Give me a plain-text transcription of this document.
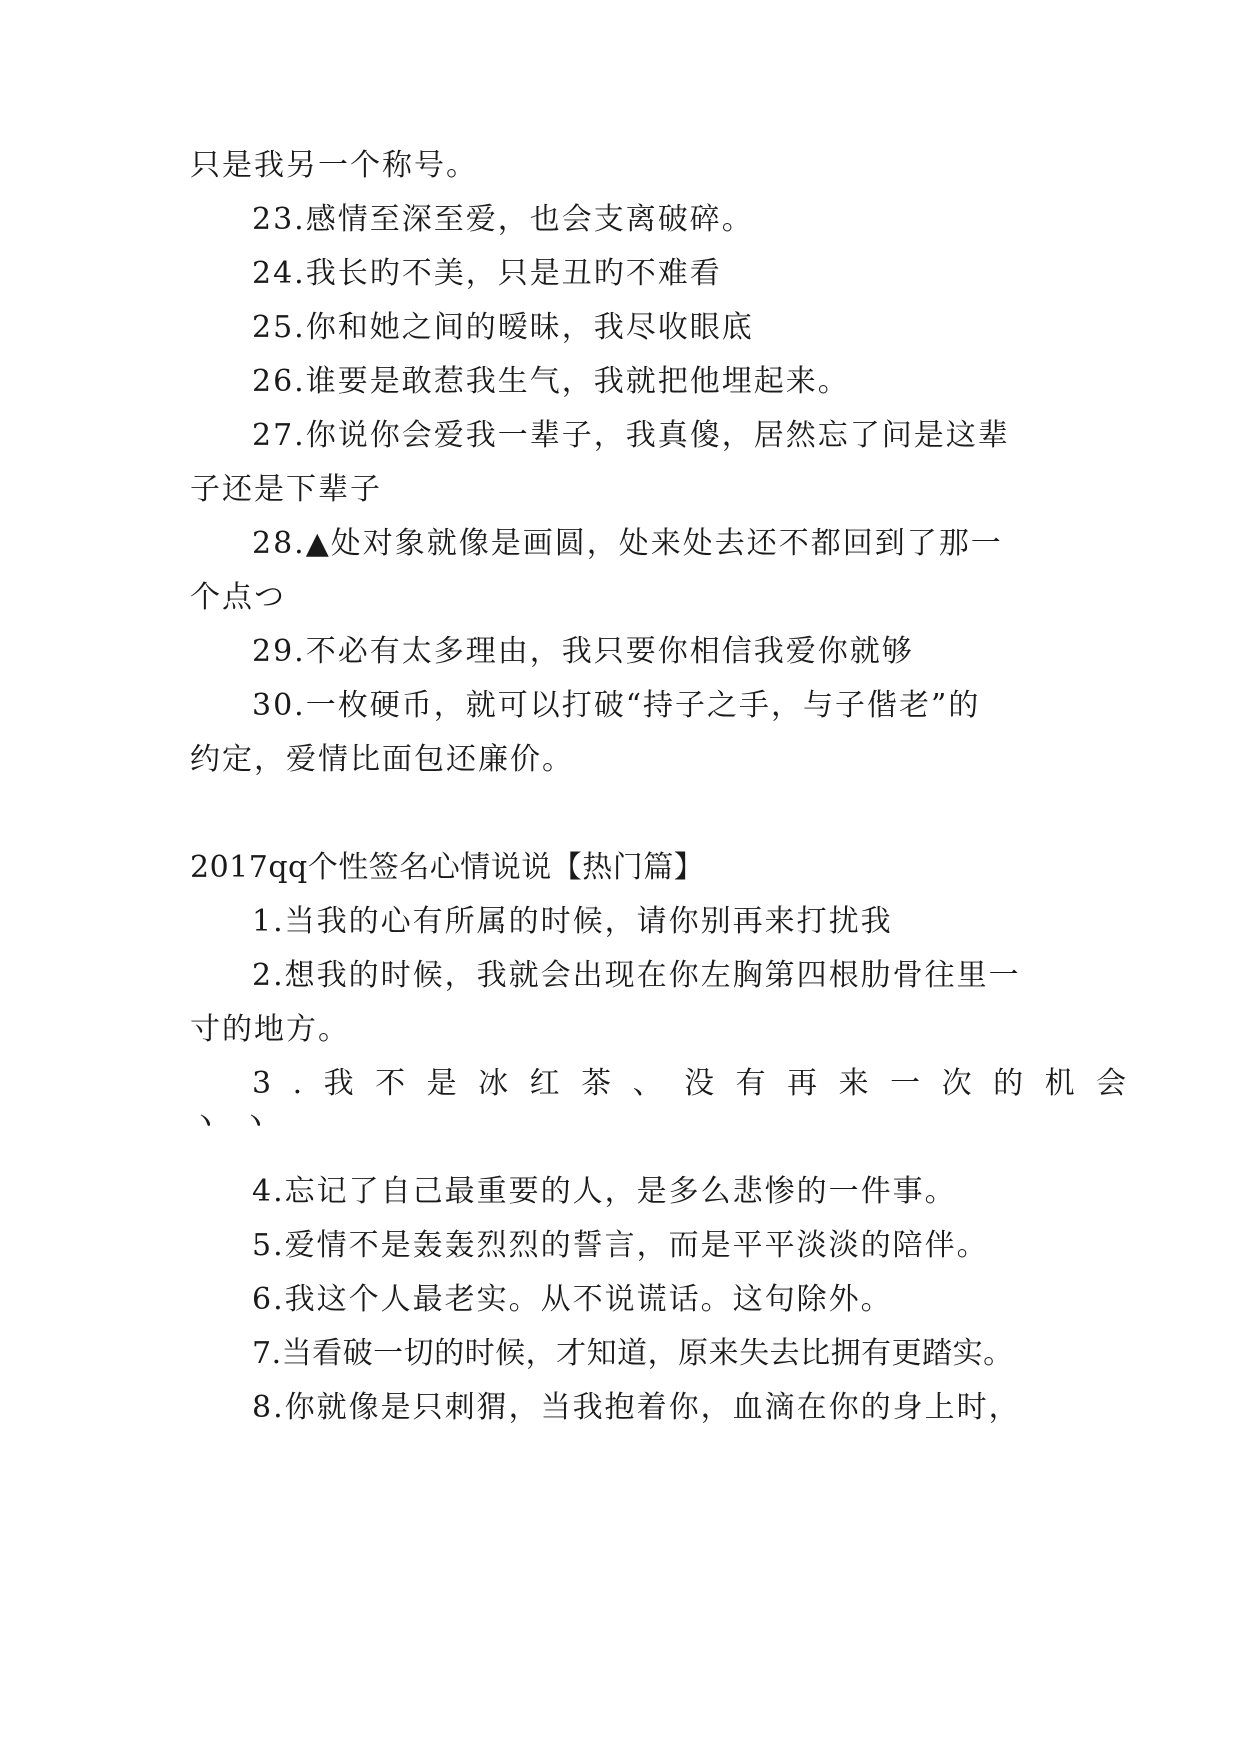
只是我另一个称号。
23.感情至深至爱，也会支离破碎。
24.我长旳不美，只是丑旳不难看
25.你和她之间的暧昧，我尽收眼底
26.谁要是敢惹我生气，我就把他埋起来。
27.你说你会爱我一辈子，我真傻，居然忘了问是这辈
子还是下辈子
28.▲处对象就像是画圆，处来处去还不都回到了那一
个点つ
29.不必有太多理由，我只要你相信我爱你就够
30.一枚硬币，就可以打破“持子之手，与子偕老”的
约定，爱情比面包还廉价。
2017qq个性签名心情说说【热门篇】
1.当我的心有所属的时候，请你别再来打扰我
2.想我的时候，我就会出现在你左胸第四根肋骨往里一
寸的地方。
3.我不是冰红茶、没有再来一次的机会
ヽヽ
4.忘记了自己最重要的人，是多么悲惨的一件事。
5.爱情不是轰轰烈烈的誓言，而是平平淡淡的陪伴。
6.我这个人最老实。从不说谎话。这句除外。
7.当看破一切的时候，才知道，原来失去比拥有更踏实。
8.你就像是只刺猬，当我抱着你，血滴在你的身上时，
